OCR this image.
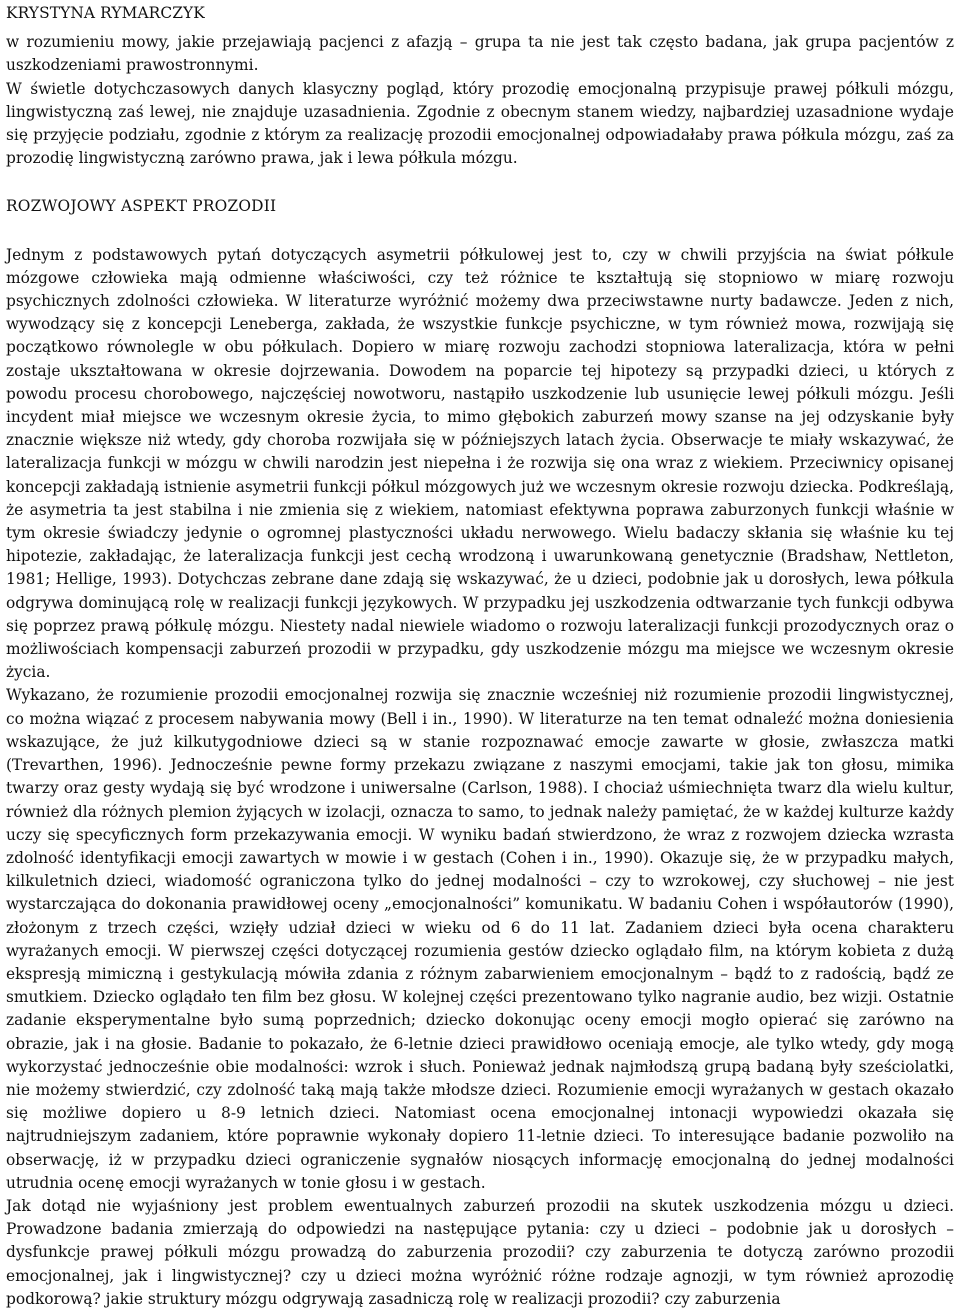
KRYSTYNA RYMARCZYK

w rozumieniu mowy, jakie przejawiają pacjenci z afazją – grupa ta nie jest tak często badana, jak grupa pacjentów z uszkodzeniami prawostronnymi.

W świetle dotychczasowych danych klasyczny pogląd, który prozodię emocjonalną przypisuje prawej półkuli mózgu, lingwistyczną zaś lewej, nie znajduje uzasadnienia. Zgodnie z obecnym stanem wiedzy, najbardziej uzasadnione wydaje się przyjęcie podziału, zgodnie z którym za realizację prozodii emocjonalnej odpowiadałaby prawa półkula mózgu, zaś za prozodię lingwistyczną zarówno prawa, jak i lewa półkula mózgu.

ROZWOJOWY ASPEKT PROZODII

Jednym z podstawowych pytań dotyczących asymetrii półkulowej jest to, czy w chwili przyjścia na świat półkule mózgowe człowieka mają odmienne właściwości, czy też różnice te kształtują się stopniowo w miarę rozwoju psychicznych zdolności człowieka. W literaturze wyróżnić możemy dwa przeciwstawne nurty badawcze. Jeden z nich, wywodzący się z koncepcji Leneberga, zakłada, że wszystkie funkcje psychiczne, w tym również mowa, rozwijają się początkowo równolegle w obu półkulach. Dopiero w miarę rozwoju zachodzi stopniowa lateralizacja, która w pełni zostaje ukształtowana w okresie dojrzewania. Dowodem na poparcie tej hipotezy są przypadki dzieci, u których z powodu procesu chorobowego, najczęściej nowotworu, nastąpiło uszkodzenie lub usunięcie lewej półkuli mózgu. Jeśli incydent miał miejsce we wczesnym okresie życia, to mimo głębokich zaburzeń mowy szanse na jej odzyskanie były znacznie większe niż wtedy, gdy choroba rozwijała się w późniejszych latach życia. Obserwacje te miały wskazywać, że lateralizacja funkcji w mózgu w chwili narodzin jest niepełna i że rozwija się ona wraz z wiekiem. Przeciwnicy opisanej koncepcji zakładają istnienie asymetrii funkcji półkul mózgowych już we wczesnym okresie rozwoju dziecka. Podkreślają, że asymetria ta jest stabilna i nie zmienia się z wiekiem, natomiast efektywna poprawa zaburzonych funkcji właśnie w tym okresie świadczy jedynie o ogromnej plastyczności układu nerwowego. Wielu badaczy skłania się właśnie ku tej hipotezie, zakładając, że lateralizacja funkcji jest cechą wrodzoną i uwarunkowaną genetycznie (Bradshaw, Nettleton, 1981; Hellige, 1993). Dotychczas zebrane dane zdają się wskazywać, że u dzieci, podobnie jak u dorosłych, lewa półkula odgrywa dominującą rolę w realizacji funkcji językowych. W przypadku jej uszkodzenia odtwarzanie tych funkcji odbywa się poprzez prawą półkulę mózgu. Niestety nadal niewiele wiadomo o rozwoju lateralizacji funkcji prozodycznych oraz o możliwościach kompensacji zaburzeń prozodii w przypadku, gdy uszkodzenie mózgu ma miejsce we wczesnym okresie życia.

Wykazano, że rozumienie prozodii emocjonalnej rozwija się znacznie wcześniej niż rozumienie prozodii lingwistycznej, co można wiązać z procesem nabywania mowy (Bell i in., 1990). W literaturze na ten temat odnaleźć można doniesienia wskazujące, że już kilkutygodniowe dzieci są w stanie rozpoznawać emocje zawarte w głosie, zwłaszcza matki (Trevarthen, 1996). Jednocześnie pewne formy przekazu związane z naszymi emocjami, takie jak ton głosu, mimika twarzy oraz gesty wydają się być wrodzone i uniwersalne (Carlson, 1988). I chociaż uśmiechnięta twarz dla wielu kultur, również dla różnych plemion żyjących w izolacji, oznacza to samo, to jednak należy pamiętać, że w każdej kulturze każdy uczy się specyficznych form przekazywania emocji. W wyniku badań stwierdzono, że wraz z rozwojem dziecka wzrasta zdolność identyfikacji emocji zawartych w mowie i w gestach (Cohen i in., 1990). Okazuje się, że w przypadku małych, kilkuletnich dzieci, wiadomość ograniczona tylko do jednej modalności – czy to wzrokowej, czy słuchowej – nie jest wystarczająca do dokonania prawidłowej oceny „emocjonalności” komunikatu. W badaniu Cohen i współautorów (1990), złożonym z trzech części, wzięły udział dzieci w wieku od 6 do 11 lat. Zadaniem dzieci była ocena charakteru wyrażanych emocji. W pierwszej części dotyczącej rozumienia gestów dziecko oglądało film, na którym kobieta z dużą ekspresją mimiczną i gestykulacją mówiła zdania z różnym zabarwieniem emocjonalnym – bądź to z radością, bądź ze smutkiem. Dziecko oglądało ten film bez głosu. W kolejnej części prezentowano tylko nagranie audio, bez wizji. Ostatnie zadanie eksperymentalne było sumą poprzednich; dziecko dokonując oceny emocji mogło opierać się zarówno na obrazie, jak i na głosie. Badanie to pokazało, że 6-letnie dzieci prawidłowo oceniają emocje, ale tylko wtedy, gdy mogą wykorzystać jednocześnie obie modalności: wzrok i słuch. Ponieważ jednak najmłodszą grupą badaną były sześciolatki, nie możemy stwierdzić, czy zdolność taką mają także młodsze dzieci. Rozumienie emocji wyrażanych w gestach okazało się możliwe dopiero u 8-9 letnich dzieci. Natomiast ocena emocjonalnej intonacji wypowiedzi okazała się najtrudniejszym zadaniem, które poprawnie wykonały dopiero 11-letnie dzieci. To interesujące badanie pozwoliło na obserwację, iż w przypadku dzieci ograniczenie sygnałów niosących informację emocjonalną do jednej modalności utrudnia ocenę emocji wyrażanych w tonie głosu i w gestach.

Jak dotąd nie wyjaśniony jest problem ewentualnych zaburzeń prozodii na skutek uszkodzenia mózgu u dzieci. Prowadzone badania zmierzają do odpowiedzi na następujące pytania: czy u dzieci – podobnie jak u dorosłych – dysfunkcje prawej półkuli mózgu prowadzą do zaburzenia prozodii? czy zaburzenia te dotyczą zarówno prozodii emocjonalnej, jak i lingwistycznej? czy u dzieci można wyróżnić różne rodzaje agnozji, w tym również aprozodię podkorową? jakie struktury mózgu odgrywają zasadniczą rolę w realizacji prozodii? czy zaburzenia
